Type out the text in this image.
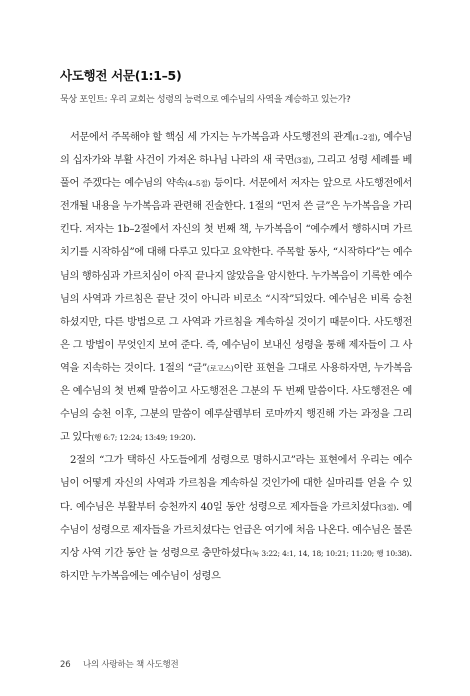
사도행전 서문(1:1–5)
묵상 포인트: 우리 교회는 성령의 능력으로 예수님의 사역을 계승하고 있는가?

서문에서 주목해야 할 핵심 세 가지는 누가복음과 사도행전의 관계(1–2절), 예수님의 십자가와 부활 사건이 가져온 하나님 나라의 새 국면(3절), 그리고 성령 세례를 베풀어 주겠다는 예수님의 약속(4–5절) 등이다. 서문에서 저자는 앞으로 사도행전에서 전개될 내용을 누가복음과 관련해 진술한다. 1절의 “먼저 쓴 글”은 누가복음을 가리킨다. 저자는 1b–2절에서 자신의 첫 번째 책, 누가복음이 “예수께서 행하시며 가르치기를 시작하심”에 대해 다루고 있다고 요약한다. 주목할 동사, “시작하다”는 예수님의 행하심과 가르치심이 아직 끝나지 않았음을 암시한다. 누가복음이 기록한 예수님의 사역과 가르침은 끝난 것이 아니라 비로소 “시작”되었다. 예수님은 비록 승천하셨지만, 다른 방법으로 그 사역과 가르침을 계속하실 것이기 때문이다. 사도행전은 그 방법이 무엇인지 보여 준다. 즉, 예수님이 보내신 성령을 통해 제자들이 그 사역을 지속하는 것이다. 1절의 “글”(로고스)이란 표현을 그대로 사용하자면, 누가복음은 예수님의 첫 번째 말씀이고 사도행전은 그분의 두 번째 말씀이다. 사도행전은 예수님의 승천 이후, 그분의 말씀이 예루살렘부터 로마까지 행진해 가는 과정을 그리고 있다(행 6:7; 12:24; 13:49; 19:20).

2절의 “그가 택하신 사도들에게 성령으로 명하시고”라는 표현에서 우리는 예수님이 어떻게 자신의 사역과 가르침을 계속하실 것인가에 대한 실마리를 얻을 수 있다. 예수님은 부활부터 승천까지 40일 동안 성령으로 제자들을 가르치셨다(3절). 예수님이 성령으로 제자들을 가르치셨다는 언급은 여기에 처음 나온다. 예수님은 물론 지상 사역 기간 동안 늘 성령으로 충만하셨다(눅 3:22; 4:1, 14, 18; 10:21; 11:20; 행 10:38). 하지만 누가복음에는 예수님이 성령으

26 나의 사랑하는 책 사도행전
